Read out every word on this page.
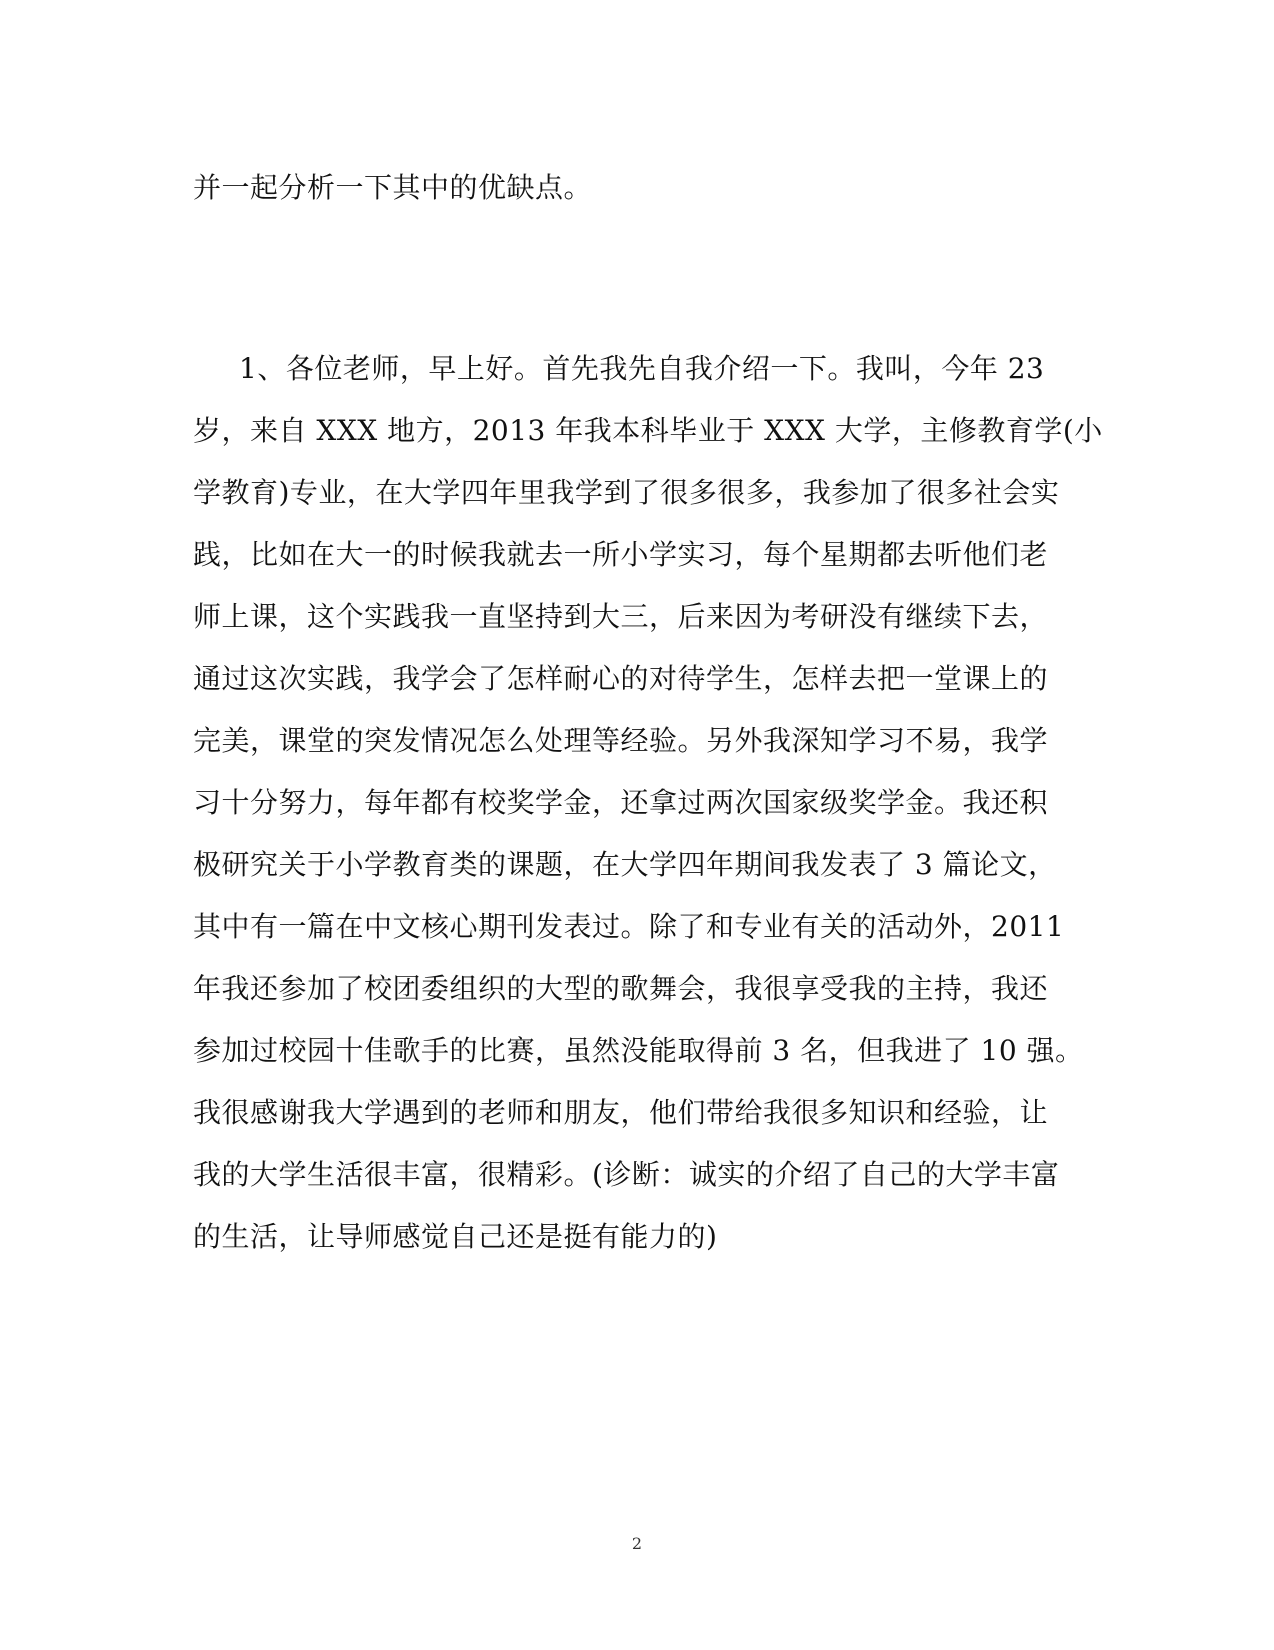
并一起分析一下其中的优缺点。
1、各位老师，早上好。首先我先自我介绍一下。我叫，今年 23
岁，来自 XXX 地方，2013 年我本科毕业于 XXX 大学，主修教育学(小
学教育)专业，在大学四年里我学到了很多很多，我参加了很多社会实
践，比如在大一的时候我就去一所小学实习，每个星期都去听他们老
师上课，这个实践我一直坚持到大三，后来因为考研没有继续下去，
通过这次实践，我学会了怎样耐心的对待学生，怎样去把一堂课上的
完美，课堂的突发情况怎么处理等经验。另外我深知学习不易，我学
习十分努力，每年都有校奖学金，还拿过两次国家级奖学金。我还积
极研究关于小学教育类的课题，在大学四年期间我发表了 3 篇论文，
其中有一篇在中文核心期刊发表过。除了和专业有关的活动外，2011
年我还参加了校团委组织的大型的歌舞会，我很享受我的主持，我还
参加过校园十佳歌手的比赛，虽然没能取得前 3 名，但我进了 10 强。
我很感谢我大学遇到的老师和朋友，他们带给我很多知识和经验，让
我的大学生活很丰富，很精彩。(诊断：诚实的介绍了自己的大学丰富
的生活，让导师感觉自己还是挺有能力的)
2
